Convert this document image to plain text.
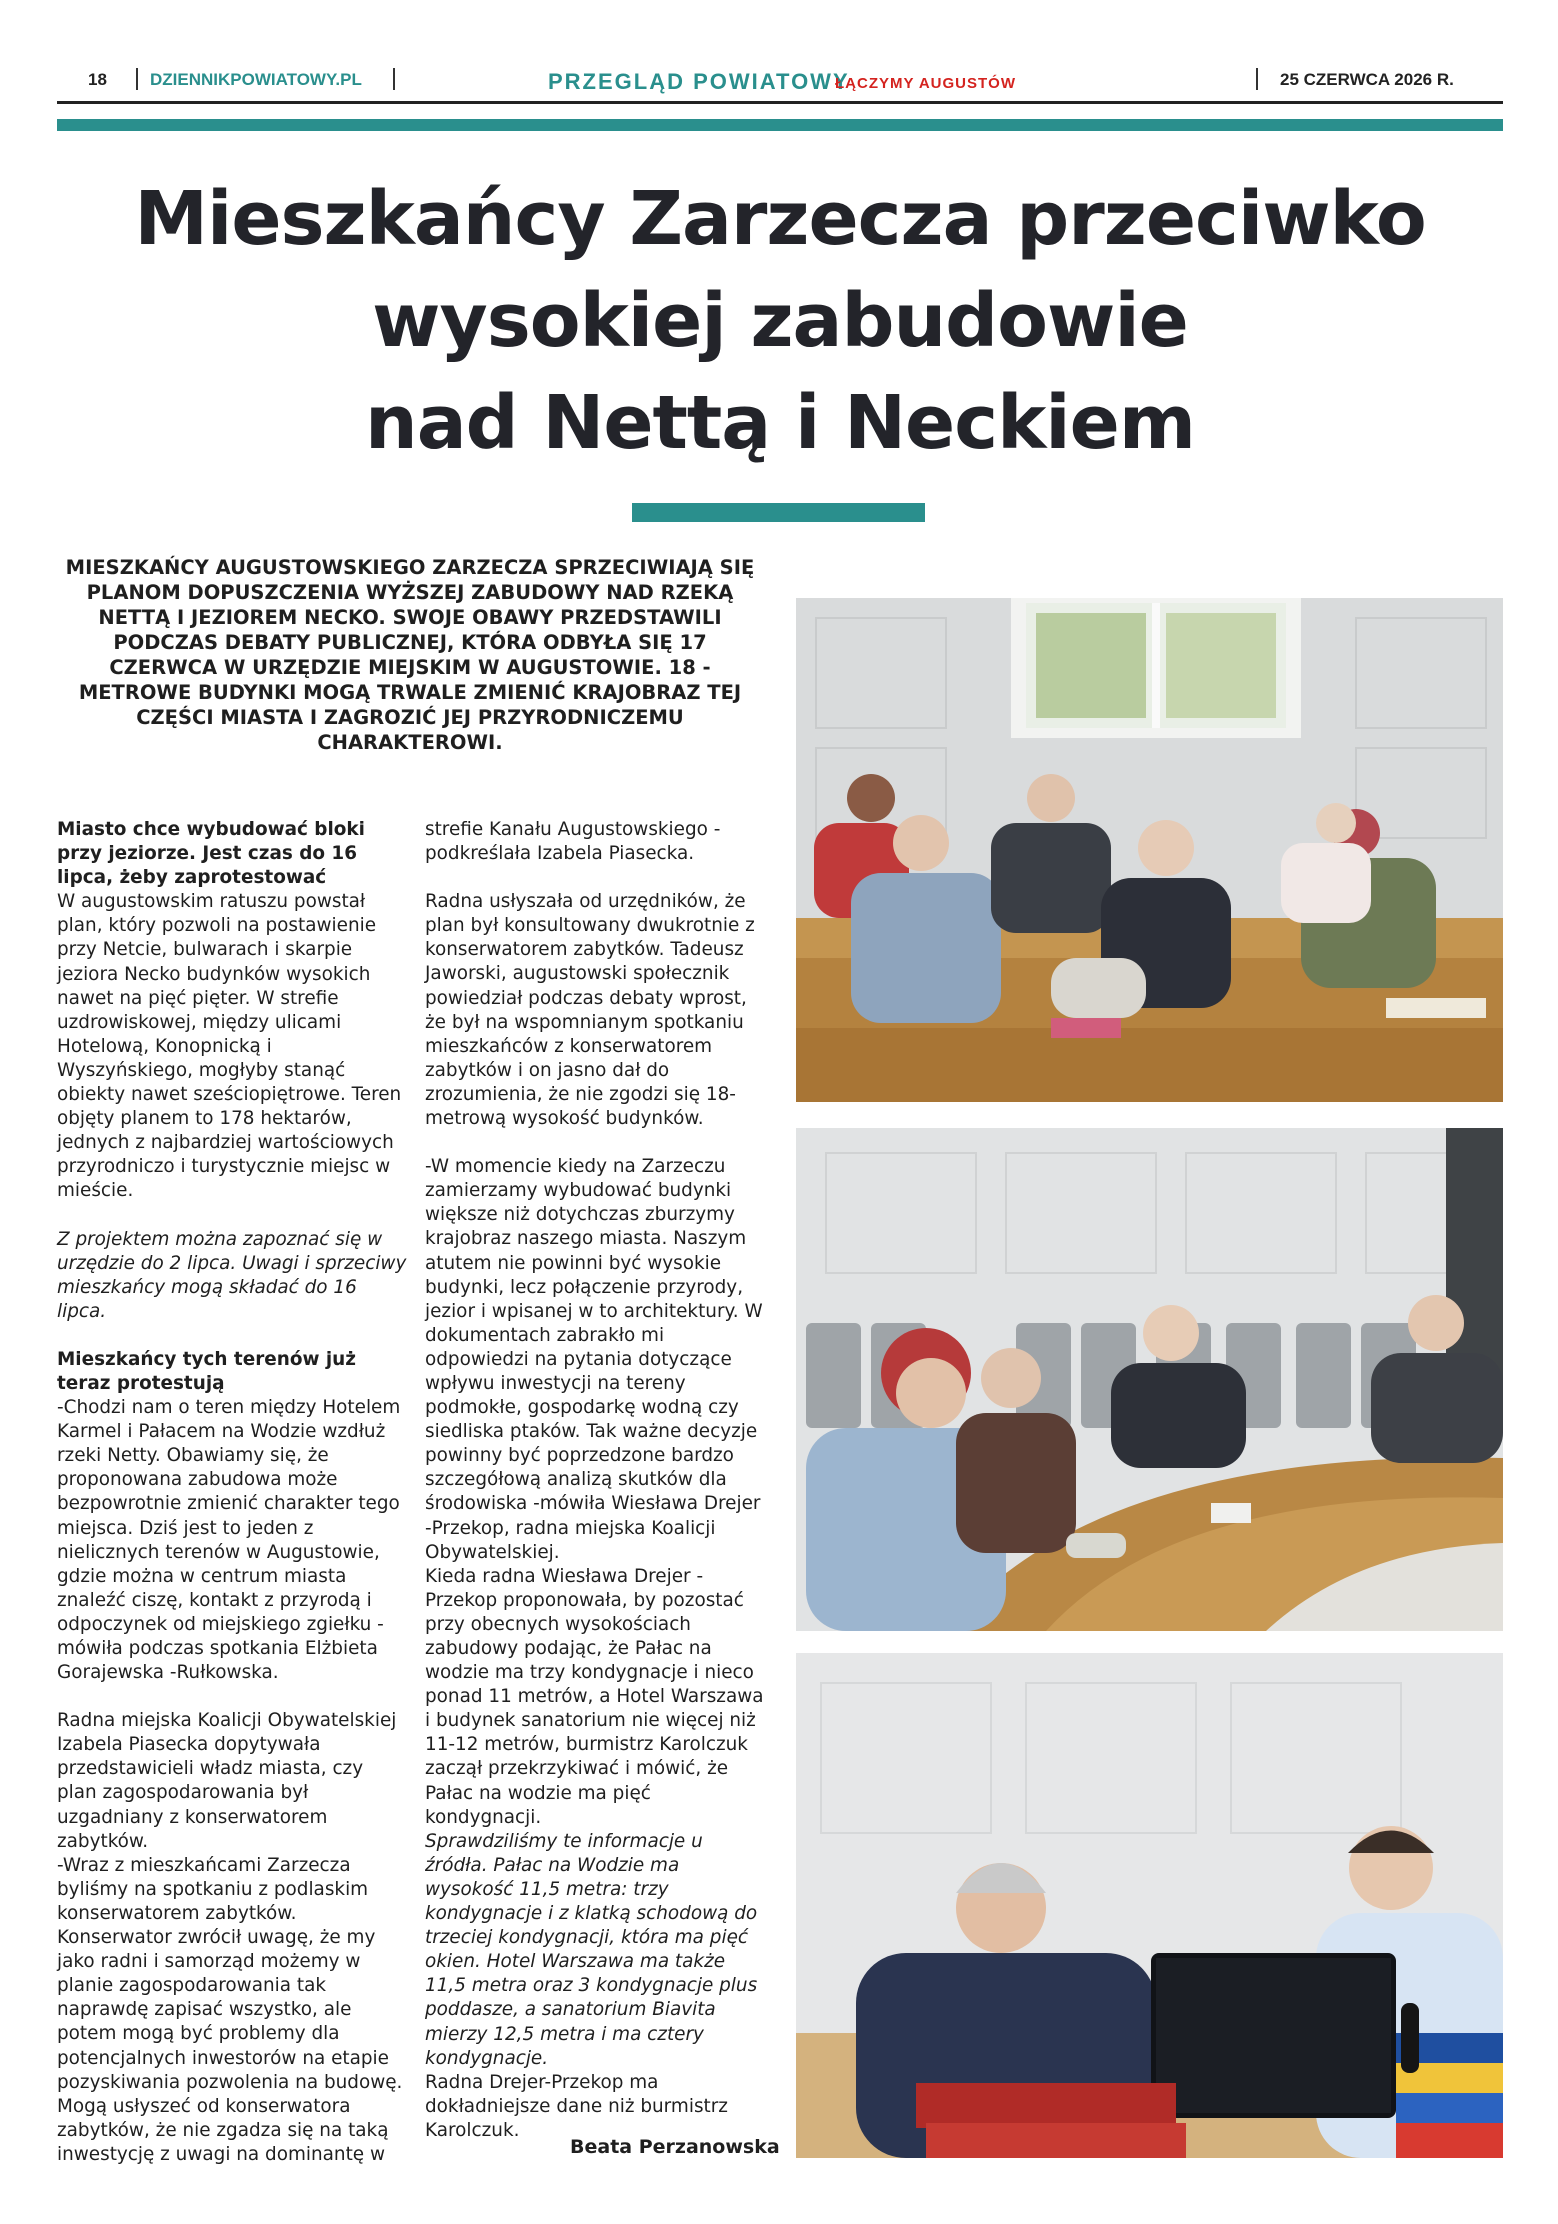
18	DZIENNIKPOWIATOWY.PL	PRZEGLĄD POWIATOWY
ŁĄCZYMY AUGUSTÓW	25 CZERWCA 2026 R.
Mieszkańcy Zarzecza przeciwko
wysokiej zabudowie
nad Nettą i Neckiem
MIESZKAŃCY AUGUSTOWSKIEGO ZARZECZA SPRZECIWIAJĄ SIĘ PLANOM DOPUSZCZENIA WYŻSZEJ ZABUDOWY NAD RZEKĄ NETTĄ I JEZIOREM NECKO. SWOJE OBAWY PRZEDSTAWILI PODCZAS DEBATY PUBLICZNEJ, KTÓRA ODBYŁA SIĘ 17 CZERWCA W URZĘDZIE MIEJSKIM W AUGUSTOWIE. 18 -METROWE BUDYNKI MOGĄ TRWALE ZMIENIĆ KRAJOBRAZ TEJ CZĘŚCI MIASTA I ZAGROZIĆ JEJ PRZYRODNICZEMU CHARAKTEROWI.

Miasto chce wybudować bloki przy jeziorze. Jest czas do 16 lipca, żeby zaprotestować

W augustowskim ratuszu powstał plan, który pozwoli na postawienie przy Netcie, bulwarach i skarpie jeziora Necko budynków wysokich nawet na pięć pięter. W strefie uzdrowiskowej, między ulicami Hotelową, Konopnicką i Wyszyńskiego, mogłyby stanąć obiekty nawet sześciopiętrowe. Teren objęty planem to 178 hektarów, jednych z najbardziej wartościowych przyrodniczo i turystycznie miejsc w mieście.

Z projektem można zapoznać się w urzędzie do 2 lipca. Uwagi i sprzeciwy mieszkańcy mogą składać do 16 lipca.

Mieszkańcy tych terenów już teraz protestują

-Chodzi nam o teren między Hotelem Karmel i Pałacem na Wodzie wzdłuż rzeki Netty. Obawiamy się, że proponowana zabudowa może bezpowrotnie zmienić charakter tego miejsca. Dziś jest to jeden z nielicznych terenów w Augustowie, gdzie można w centrum miasta znaleźć ciszę, kontakt z przyrodą i odpoczynek od miejskiego zgiełku -mówiła podczas spotkania Elżbieta Gorajewska -Rułkowska.

Radna miejska Koalicji Obywatelskiej Izabela Piasecka dopytywała przedstawicieli władz miasta, czy plan zagospodarowania był uzgadniany z konserwatorem zabytków.

-Wraz z mieszkańcami Zarzecza byliśmy na spotkaniu z podlaskim konserwatorem zabytków. Konserwator zwrócił uwagę, że my jako radni i samorząd możemy w planie zagospodarowania tak naprawdę zapisać wszystko, ale potem mogą być problemy dla potencjalnych inwestorów na etapie pozyskiwania pozwolenia na budowę. Mogą usłyszeć od konserwatora zabytków, że nie zgadza się na taką inwestycję z uwagi na dominantę w

strefie Kanału Augustowskiego -podkreślała Izabela Piasecka.

Radna usłyszała od urzędników, że plan był konsultowany dwukrotnie z konserwatorem zabytków. Tadeusz Jaworski, augustowski społecznik powiedział podczas debaty wprost, że był na wspomnianym spotkaniu mieszkańców z konserwatorem zabytków i on jasno dał do zrozumienia, że nie zgodzi się 18-metrową wysokość budynków.

-W momencie kiedy na Zarzeczu zamierzamy wybudować budynki większe niż dotychczas zburzymy krajobraz naszego miasta. Naszym atutem nie powinni być wysokie budynki, lecz połączenie przyrody, jezior i wpisanej w to architektury. W dokumentach zabrakło mi odpowiedzi na pytania dotyczące wpływu inwestycji na tereny podmokłe, gospodarkę wodną czy siedliska ptaków. Tak ważne decyzje powinny być poprzedzone bardzo szczegółową analizą skutków dla środowiska -mówiła Wiesława Drejer -Przekop, radna miejska Koalicji Obywatelskiej.

Kieda radna Wiesława Drejer -Przekop proponowała, by pozostać przy obecnych wysokościach zabudowy podając, że Pałac na wodzie ma trzy kondygnacje i nieco ponad 11 metrów, a Hotel Warszawa i budynek sanatorium nie więcej niż 11-12 metrów, burmistrz Karolczuk zaczął przekrzykiwać i mówić, że Pałac na wodzie ma pięć kondygnacji.

Sprawdziliśmy te informacje u źródła. Pałac na Wodzie ma wysokość 11,5 metra: trzy kondygnacje i z klatką schodową do trzeciej kondygnacji, która ma pięć okien. Hotel Warszawa ma także 11,5 metra oraz 3 kondygnacje plus poddasze, a sanatorium Biavita mierzy 12,5 metra i ma cztery kondygnacje.

Radna Drejer-Przekop ma dokładniejsze dane niż burmistrz Karolczuk.

Beata Perzanowska
